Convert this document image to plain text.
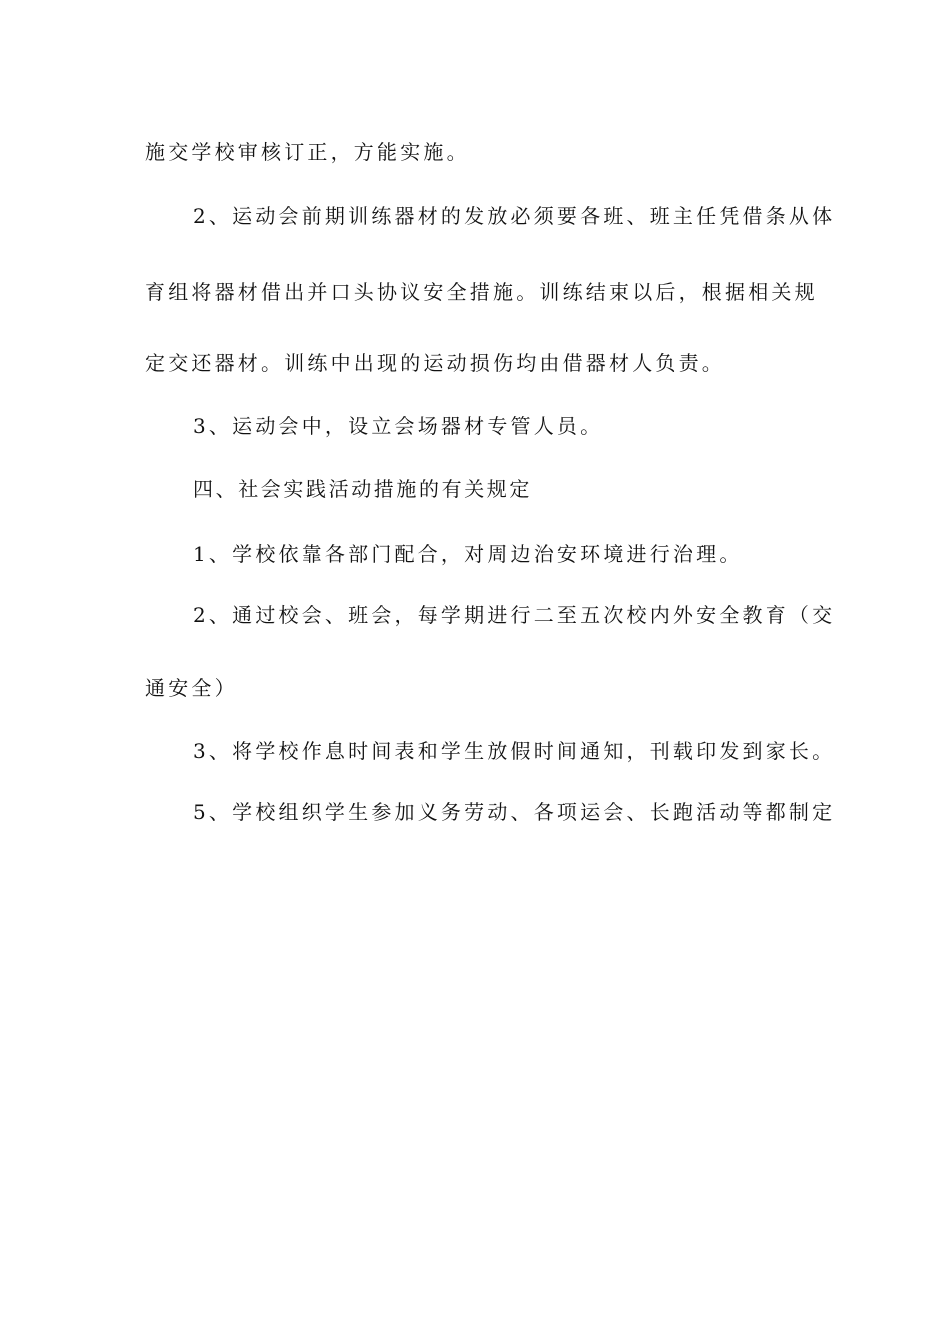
施交学校审核订正，方能实施。
2、运动会前期训练器材的发放必须要各班、班主任凭借条从体
育组将器材借出并口头协议安全措施。训练结束以后，根据相关规
定交还器材。训练中出现的运动损伤均由借器材人负责。
3、运动会中，设立会场器材专管人员。
四、社会实践活动措施的有关规定
1、学校依靠各部门配合，对周边治安环境进行治理。
2、通过校会、班会，每学期进行二至五次校内外安全教育（交
通安全）
3、将学校作息时间表和学生放假时间通知，刊载印发到家长。
5、学校组织学生参加义务劳动、各项运会、长跑活动等都制定
